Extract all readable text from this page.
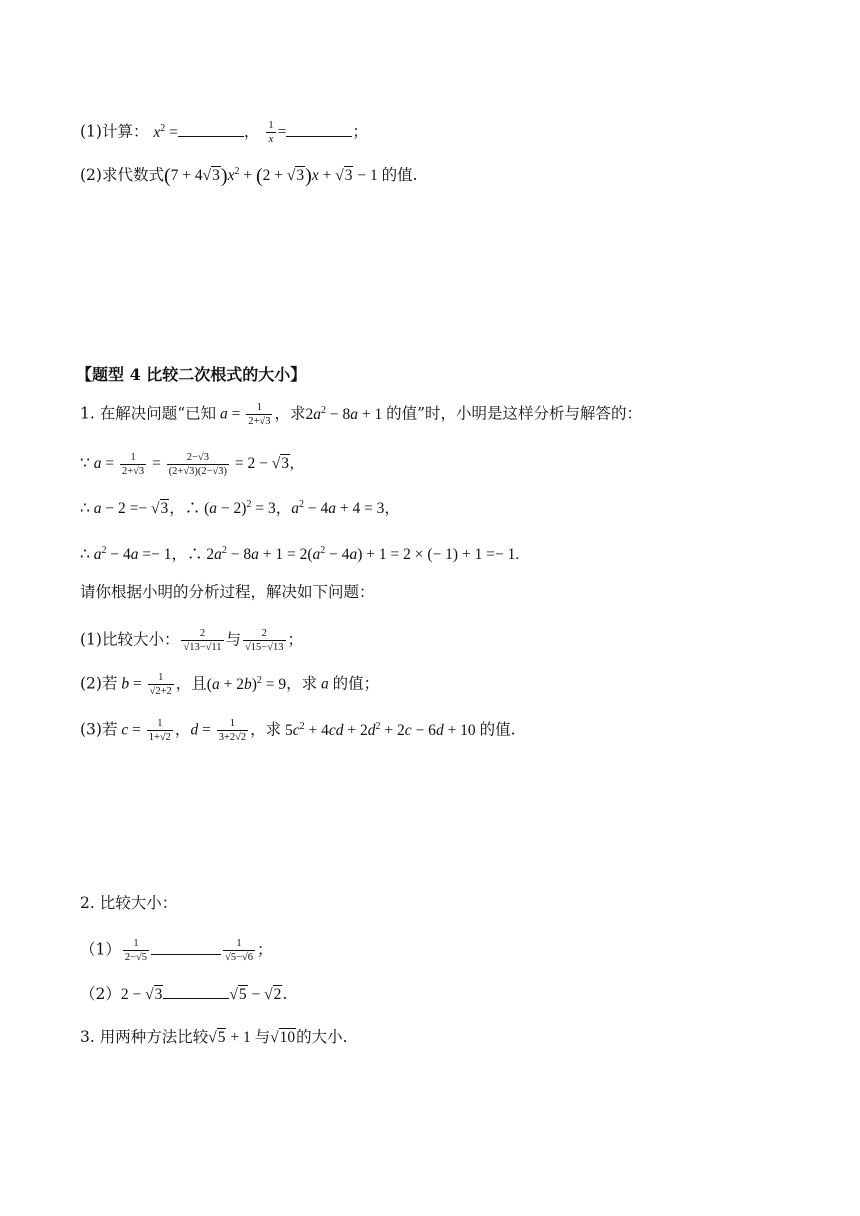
(1)计算： $x^2$ =	， $\frac{1}{x}$ =	；
(2)求代数式$(7 + 4√3)x^2 + (2 + √3)x + √3 - 1$ 的值.
【题型 4 比较二次根式的大小】
1. 在解决问题“已知 $a = \frac{1}{2+√3}$ ，求$2a^2 - 8a + 1$ 的值”时，小明是这样分析与解答的：
∵ $a = \frac{1}{2+√3} = \frac{2-√3}{(2+√3)(2-√3)} = 2 - √3$,
∴ a − 2 =− √3，∴ $(a - 2)^2 = 3$，$a^2 - 4a + 4 = 3$，
∴ $a^2 - 4a =- 1$，∴ $2a^2 - 8a + 1 = 2(a^2 - 4a) + 1 = 2$ × (− 1) + 1 =− 1.
请你根据小明的分析过程，解决如下问题：
(1)比较大小： $\frac{2}{√13-√11}$ 与 $\frac{2}{√15-√13}$ ；
(2)若 $b = \frac{1}{√2+2}$ ，且$(a + 2b)^2 = 9$，求 a 的值；
(3)若 $c = \frac{1}{1+√2}$ ，$d = \frac{1}{3+2√2}$ ，求 $5c^2 + 4cd + 2d^2 + 2c - 6d + 10$ 的值.
2. 比较大小：
$(1) \frac{1}{2-√5}$	$\frac{1}{√5-√6}$ ；
（2）2 − √3	√5 − √2.
3. 用两种方法比较√5 + 1 与√10的大小.
